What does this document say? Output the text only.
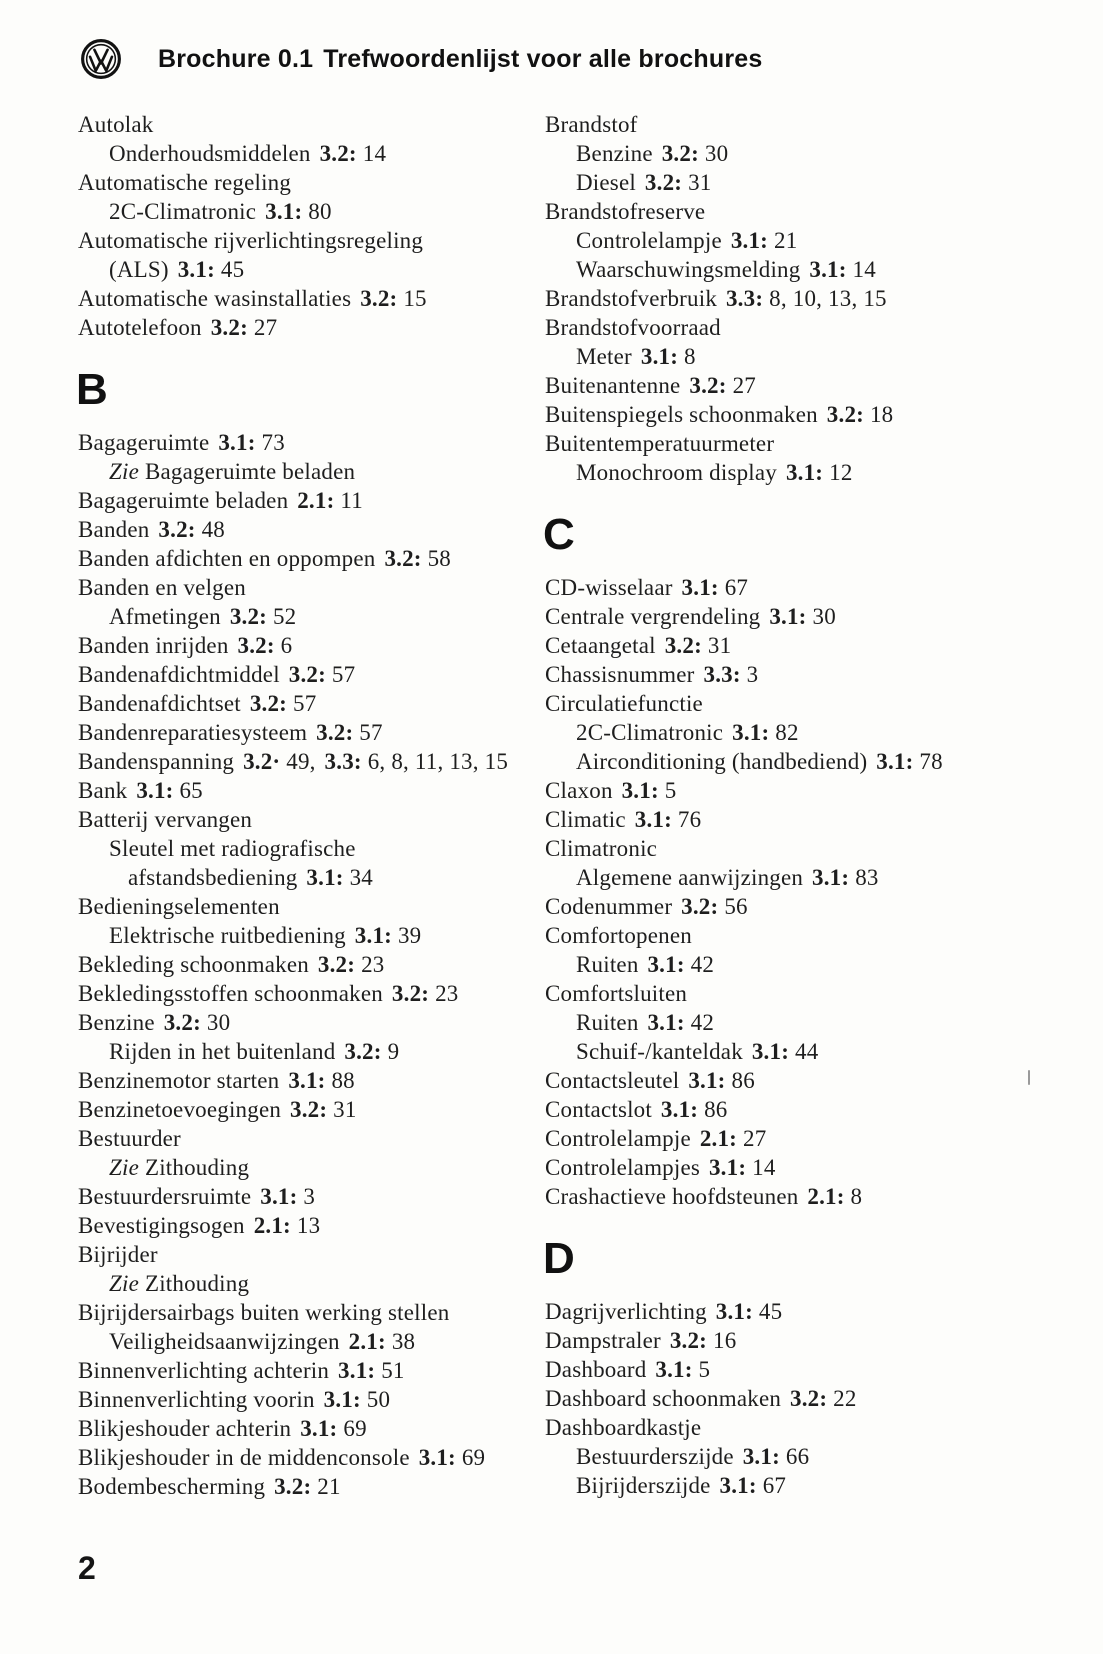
Brochure 0.1 Trefwoordenlijst voor alle brochures
Autolak
Onderhoudsmiddelen 3.2: 14
Automatische regeling
2C-Climatronic 3.1: 80
Automatische rijverlichtingsregeling
(ALS) 3.1: 45
Automatische wasinstallaties 3.2: 15
Autotelefoon 3.2: 27
B
Bagageruimte 3.1: 73
Zie Bagageruimte beladen
Bagageruimte beladen 2.1: 11
Banden 3.2: 48
Banden afdichten en oppompen 3.2: 58
Banden en velgen
Afmetingen 3.2: 52
Banden inrijden 3.2: 6
Bandenafdichtmiddel 3.2: 57
Bandenafdichtset 3.2: 57
Bandenreparatiesysteem 3.2: 57
Bandenspanning 3.2· 49, 3.3: 6, 8, 11, 13, 15
Bank 3.1: 65
Batterij vervangen
Sleutel met radiografische
afstandsbediening 3.1: 34
Bedieningselementen
Elektrische ruitbediening 3.1: 39
Bekleding schoonmaken 3.2: 23
Bekledingsstoffen schoonmaken 3.2: 23
Benzine 3.2: 30
Rijden in het buitenland 3.2: 9
Benzinemotor starten 3.1: 88
Benzinetoevoegingen 3.2: 31
Bestuurder
Zie Zithouding
Bestuurdersruimte 3.1: 3
Bevestigingsogen 2.1: 13
Bijrijder
Zie Zithouding
Bijrijdersairbags buiten werking stellen
Veiligheidsaanwijzingen 2.1: 38
Binnenverlichting achterin 3.1: 51
Binnenverlichting voorin 3.1: 50
Blikjeshouder achterin 3.1: 69
Blikjeshouder in de middenconsole 3.1: 69
Bodembescherming 3.2: 21
Brandstof
Benzine 3.2: 30
Diesel 3.2: 31
Brandstofreserve
Controlelampje 3.1: 21
Waarschuwingsmelding 3.1: 14
Brandstofverbruik 3.3: 8, 10, 13, 15
Brandstofvoorraad
Meter 3.1: 8
Buitenantenne 3.2: 27
Buitenspiegels schoonmaken 3.2: 18
Buitentemperatuurmeter
Monochroom display 3.1: 12
C
CD-wisselaar 3.1: 67
Centrale vergrendeling 3.1: 30
Cetaangetal 3.2: 31
Chassisnummer 3.3: 3
Circulatiefunctie
2C-Climatronic 3.1: 82
Airconditioning (handbediend) 3.1: 78
Claxon 3.1: 5
Climatic 3.1: 76
Climatronic
Algemene aanwijzingen 3.1: 83
Codenummer 3.2: 56
Comfortopenen
Ruiten 3.1: 42
Comfortsluiten
Ruiten 3.1: 42
Schuif-/kanteldak 3.1: 44
Contactsleutel 3.1: 86
Contactslot 3.1: 86
Controlelampje 2.1: 27
Controlelampjes 3.1: 14
Crashactieve hoofdsteunen 2.1: 8
D
Dagrijverlichting 3.1: 45
Dampstraler 3.2: 16
Dashboard 3.1: 5
Dashboard schoonmaken 3.2: 22
Dashboardkastje
Bestuurderszijde 3.1: 66
Bijrijderszijde 3.1: 67
2
